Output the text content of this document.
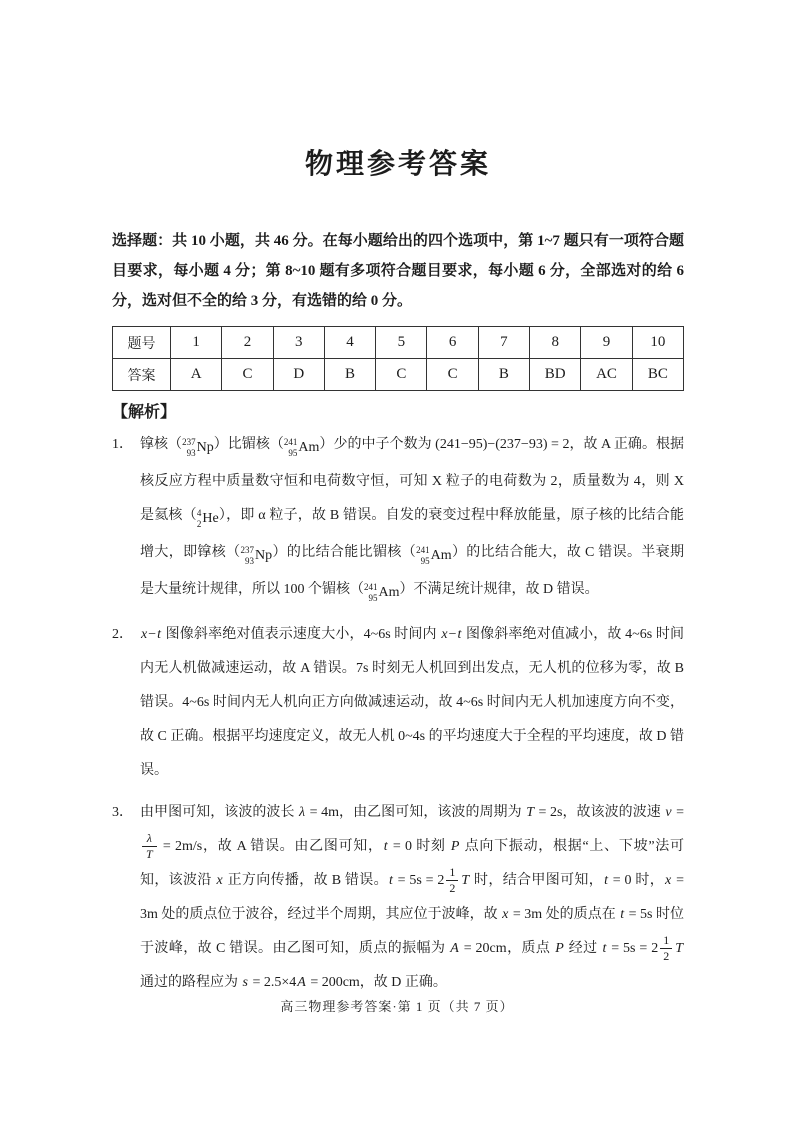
物理参考答案
选择题：共 10 小题，共 46 分。在每小题给出的四个选项中，第 1~7 题只有一项符合题目要求，每小题 4 分；第 8~10 题有多项符合题目要求，每小题 6 分，全部选对的给 6 分，选对但不全的给 3 分，有选错的给 0 分。
题号	1	2	3	4	5	6	7	8	9	10
答案	A	C	D	B	C	C	B	BD	AC	BC
【解析】
1． 镎核（ 237
93 Np）比镅核（ 241
95 Am）少的中子个数为 (241−95)−(237−93) = 2，故 A 正确。根据核反应方程中质量数守恒和电荷数守恒，可知 X 粒子的电荷数为 2，质量数为 4，则 X 是氦核（ 4
2 He），即 α 粒子，故 B 错误。自发的衰变过程中释放能量，原子核的比结合能增大，即镎核（ 237
93 Np）的比结合能比镅核（ 241
95 Am）的比结合能大，故 C 错误。半衰期是大量统计规律，所以 100 个镅核（ 241
95 Am）不满足统计规律，故 D 错误。
2． x−t 图像斜率绝对值表示速度大小，4~6s 时间内 x−t 图像斜率绝对值减小，故 4~6s 时间内无人机做减速运动，故 A 错误。7s 时刻无人机回到出发点，无人机的位移为零，故 B 错误。4~6s 时间内无人机向正方向做减速运动，故 4~6s 时间内无人机加速度方向不变，故 C 正确。根据平均速度定义，故无人机 0~4s 的平均速度大于全程的平均速度，故 D 错误。
3． 由甲图可知，该波的波长 λ = 4m，由乙图可知，该波的周期为 T = 2s，故该波的波速 v =
$\frac{\lambda}{T} = 2m/s$，故 A 错误。由乙图可知，t = 0 时刻 P 点向下振动，根据“上、下坡”法可知，该波沿 x 正方向传播，故 B 错误。$t = 5s = 2 \frac{1}{2}$ T 时，结合甲图可知，t = 0 时，x = 3m 处的质点位于波谷，经过半个周期，其应位于波峰，故 x = 3m 处的质点在 t = 5s 时位于波峰，故 C 错误。由乙图可知，质点的振幅为 A = 20cm，质点 P 经过 $t = 5s = 2 \frac{1}{2}$ T 通过的路程应为 s = 2.5×4A = 200cm，故 D 正确。
高三物理参考答案·第 1 页（共 7 页）
